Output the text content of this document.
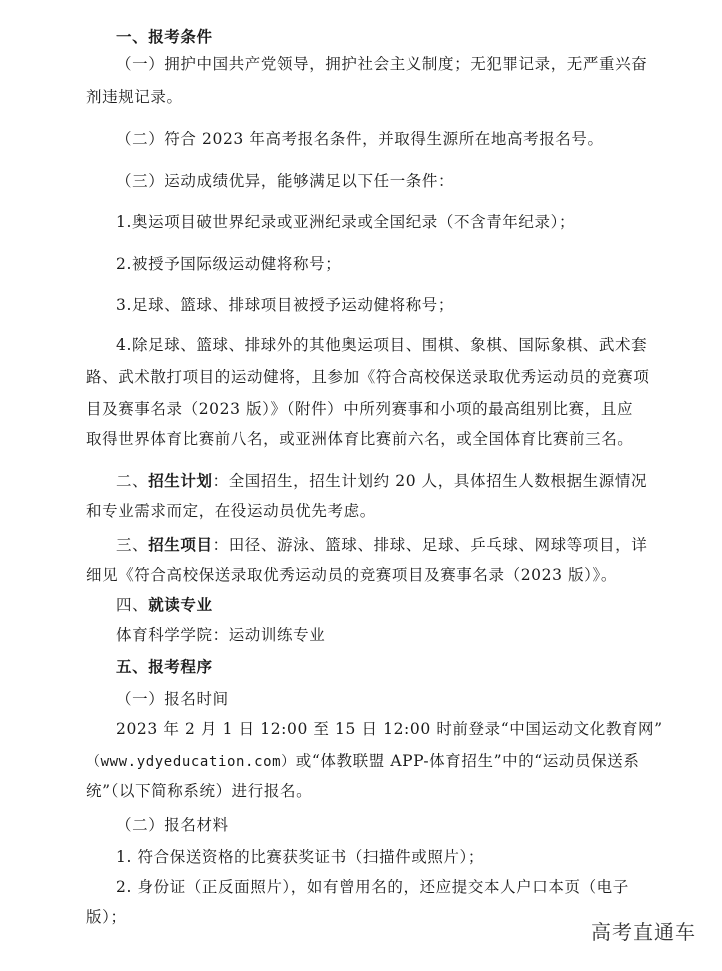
一、报考条件
（一）拥护中国共产党领导，拥护社会主义制度；无犯罪记录，无严重兴奋
剂违规记录。
（二）符合 2023 年高考报名条件，并取得生源所在地高考报名号。
（三）运动成绩优异，能够满足以下任一条件：
1.奥运项目破世界纪录或亚洲纪录或全国纪录（不含青年纪录）；
2.被授予国际级运动健将称号；
3.足球、篮球、排球项目被授予运动健将称号；
4.除足球、篮球、排球外的其他奥运项目、围棋、象棋、国际象棋、武术套
路、武术散打项目的运动健将，且参加《符合高校保送录取优秀运动员的竞赛项
目及赛事名录（2023 版）》（附件）中所列赛事和小项的最高组别比赛，且应
取得世界体育比赛前八名，或亚洲体育比赛前六名，或全国体育比赛前三名。
二、招生计划：全国招生，招生计划约 20 人，具体招生人数根据生源情况
和专业需求而定，在役运动员优先考虑。
三、招生项目：田径、游泳、篮球、排球、足球、乒乓球、网球等项目，详
细见《符合高校保送录取优秀运动员的竞赛项目及赛事名录（2023 版）》。
四、就读专业
体育科学学院：运动训练专业
五、报考程序
（一）报名时间
2023 年 2 月 1 日 12:00 至 15 日 12:00 时前登录“中国运动文化教育网”
（www.ydyeducation.com）或“体教联盟 APP-体育招生”中的“运动员保送系
统”（以下简称系统）进行报名。
（二）报名材料
1. 符合保送资格的比赛获奖证书（扫描件或照片）；
2. 身份证（正反面照片），如有曾用名的，还应提交本人户口本页（电子
版）；
高考直通车
